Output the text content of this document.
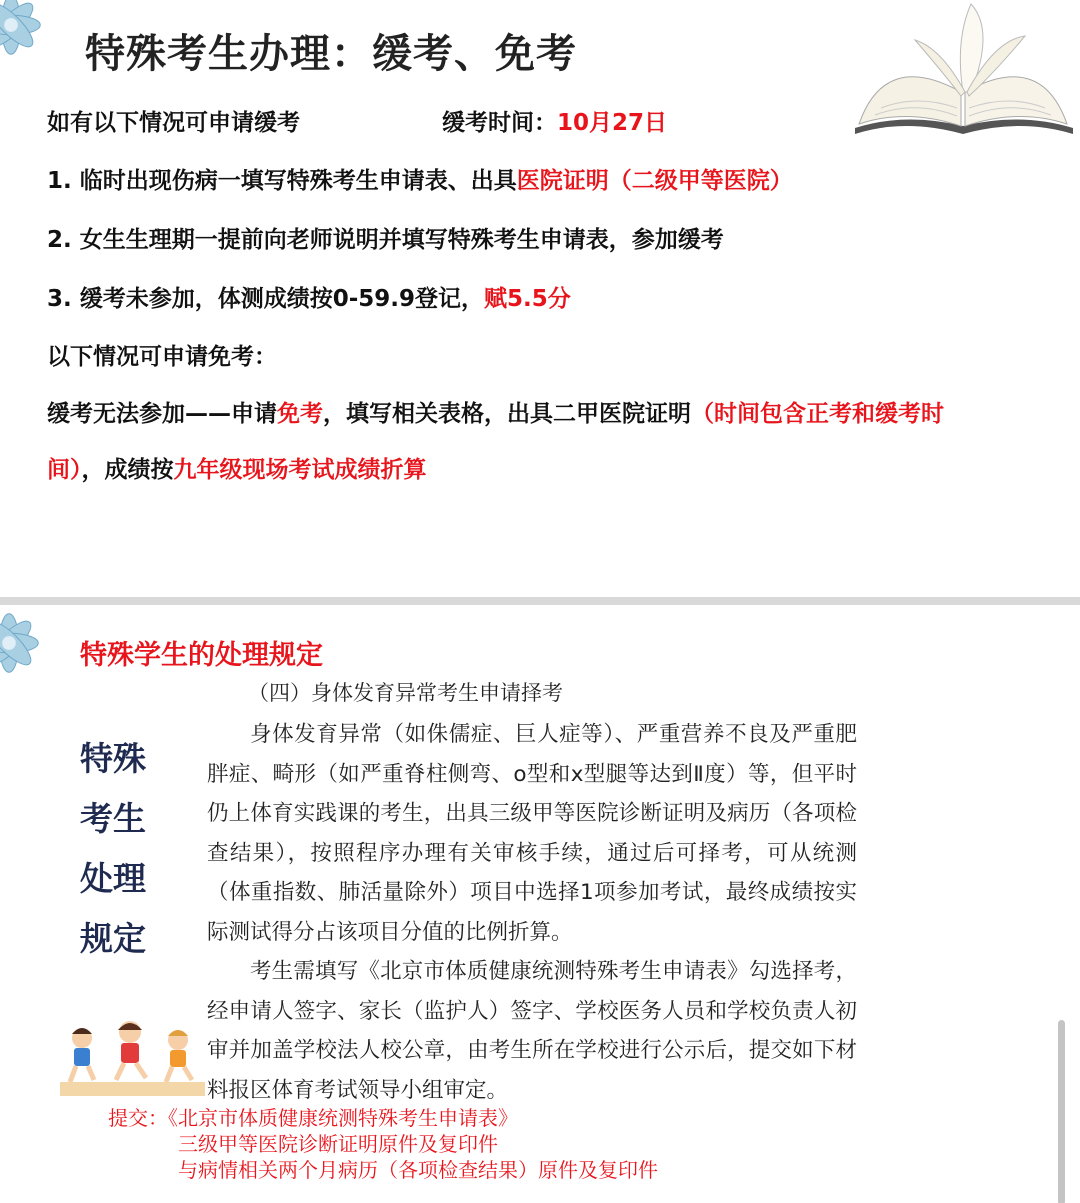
特殊考生办理：缓考、免考
如有以下情况可申请缓考	缓考时间：10月27日
1. 临时出现伤病一填写特殊考生申请表、出具医院证明（二级甲等医院）
2. 女生生理期一提前向老师说明并填写特殊考生申请表，参加缓考
3. 缓考未参加，体测成绩按0-59.9登记，赋5.5分
以下情况可申请免考：
缓考无法参加——申请免考，填写相关表格，出具二甲医院证明（时间包含正考和缓考时
间），成绩按九年级现场考试成绩折算
特殊学生的处理规定
（四）身体发育异常考生申请择考
特殊
考生
处理
规定

身体发育异常（如侏儒症、巨人症等）、严重营养不良及严重肥胖症、畸形（如严重脊柱侧弯、o型和x型腿等达到Ⅱ度）等，但平时仍上体育实践课的考生，出具三级甲等医院诊断证明及病历（各项检查结果），按照程序办理有关审核手续，通过后可择考，可从统测（体重指数、肺活量除外）项目中选择1项参加考试，最终成绩按实际测试得分占该项目分值的比例折算。

考生需填写《北京市体质健康统测特殊考生申请表》勾选择考，经申请人签字、家长（监护人）签字、学校医务人员和学校负责人初审并加盖学校法人校公章，由考生所在学校进行公示后，提交如下材料报区体育考试领导小组审定。

提交：《北京市体质健康统测特殊考生申请表》
三级甲等医院诊断证明原件及复印件
与病情相关两个月病历（各项检查结果）原件及复印件
